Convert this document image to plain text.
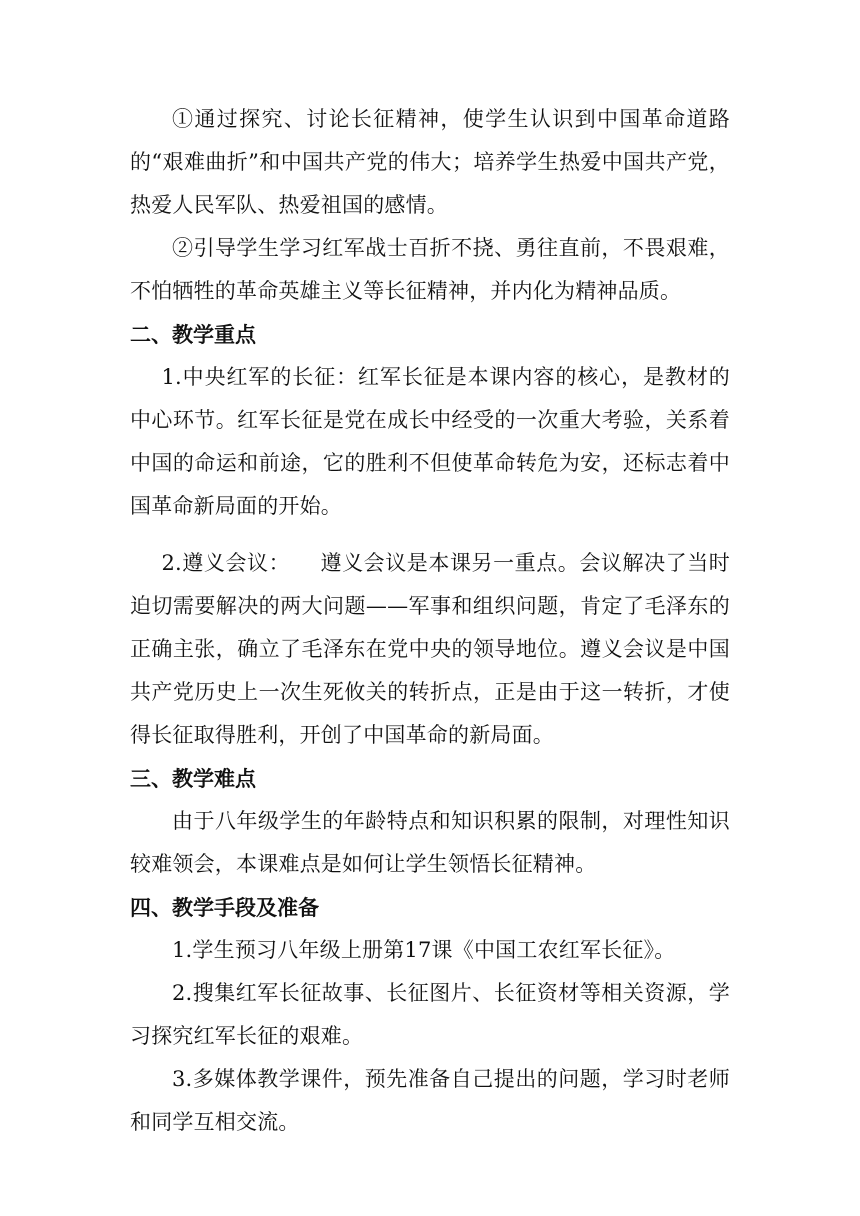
①通过探究、讨论长征精神，使学生认识到中国革命道路的“艰难曲折”和中国共产党的伟大；培养学生热爱中国共产党，热爱人民军队、热爱祖国的感情。

②引导学生学习红军战士百折不挠、勇往直前，不畏艰难，不怕牺牲的革命英雄主义等长征精神，并内化为精神品质。

二、教学重点

1.中央红军的长征：红军长征是本课内容的核心，是教材的中心环节。红军长征是党在成长中经受的一次重大考验，关系着中国的命运和前途，它的胜利不但使革命转危为安，还标志着中国革命新局面的开始。

2.遵义会议： 遵义会议是本课另一重点。会议解决了当时迫切需要解决的两大问题——军事和组织问题，肯定了毛泽东的正确主张，确立了毛泽东在党中央的领导地位。遵义会议是中国共产党历史上一次生死攸关的转折点，正是由于这一转折，才使得长征取得胜利，开创了中国革命的新局面。

三、教学难点

由于八年级学生的年龄特点和知识积累的限制，对理性知识较难领会，本课难点是如何让学生领悟长征精神。

四、教学手段及准备

1.学生预习八年级上册第17课《中国工农红军长征》。

2.搜集红军长征故事、长征图片、长征资材等相关资源，学习探究红军长征的艰难。

3.多媒体教学课件，预先准备自己提出的问题，学习时老师和同学互相交流。
